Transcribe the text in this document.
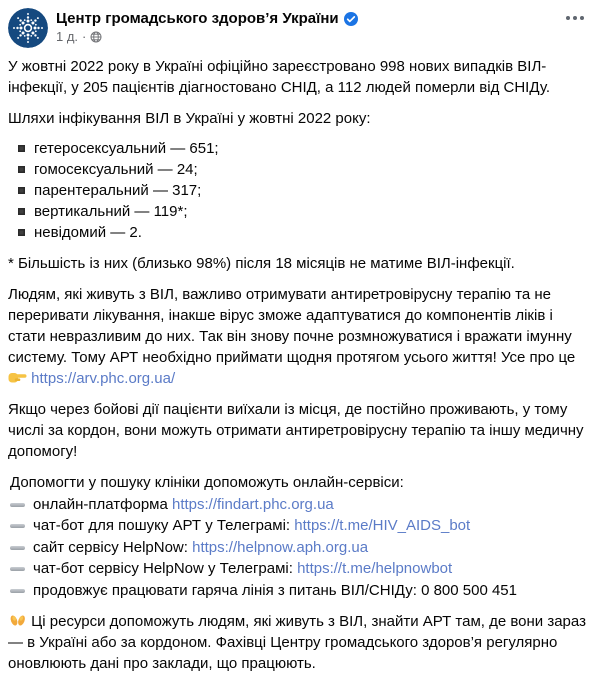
Центр громадського здоров’я України
1 д. ·
У жовтні 2022 року в Україні офіційно зареєстровано 998 нових випадків ВІЛ-інфекції, у 205 пацієнтів діагностовано СНІД, а 112 людей померли від СНІДу.
Шляхи інфікування ВІЛ в Україні у жовтні 2022 року:
гетеросексуальний — 651;
гомосексуальний — 24;
парентеральний — 317;
вертикальний — 119*;
невідомий — 2.
* Більшість із них (близько 98%) після 18 місяців не матиме ВІЛ-інфекції.
Людям, які живуть з ВІЛ, важливо отримувати антиретровірусну терапію та не переривати лікування, інакше вірус зможе адаптуватися до компонентів ліків і стати невразливим до них. Так він знову почне розмножуватися і вражати імунну систему. Тому АРТ необхідно приймати щодня протягом усього життя! Усе про це
https://arv.phc.org.ua/
Якщо через бойові дії пацієнти виїхали із місця, де постійно проживають, у тому числі за кордон, вони можуть отримати антиретровірусну терапію та іншу медичну допомогу!
Допомогти у пошуку клініки допоможуть онлайн-сервіси:
онлайн-платформа https://findart.phc.org.ua
чат-бот для пошуку АРТ у Телеграмі: https://t.me/HIV_AIDS_bot
сайт сервісу HelpNow: https://helpnow.aph.org.ua
чат-бот сервісу HelpNow у Телеграмі: https://t.me/helpnowbot
продовжує працювати гаряча лінія з питань ВІЛ/СНІДу: 0 800 500 451
Ці ресурси допоможуть людям, які живуть з ВІЛ, знайти АРТ там, де вони зараз — в Україні або за кордоном. Фахівці Центру громадського здоров’я регулярно оновлюють дані про заклади, що працюють.
